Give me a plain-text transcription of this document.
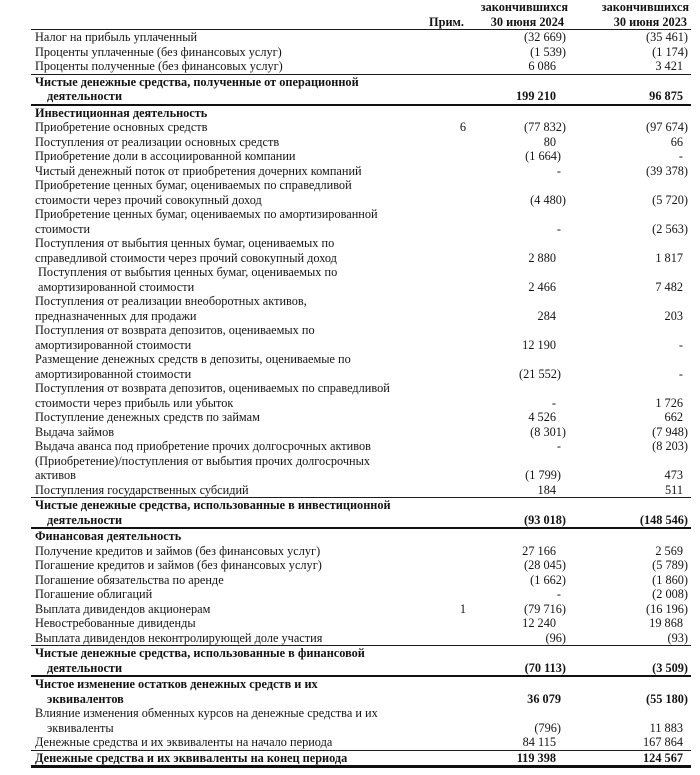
закончившихся	закончившихся
Прим.	30 июня 2024	30 июня 2023
Налог на прибыль уплаченный	(32 669)	(35 461)
Проценты уплаченные (без финансовых услуг)	(1 539)	(1 174)
Проценты полученные (без финансовых услуг)	6 086	3 421
Чистые денежные средства, полученные от операционной
деятельности	199 210	96 875
Инвестиционная деятельность
Приобретение основных средств	6	(77 832)	(97 674)
Поступления от реализации основных средств	80	66
Приобретение доли в ассоциированной компании	(1 664)	-
Чистый денежный поток от приобретения дочерних компаний	-	(39 378)
Приобретение ценных бумаг, оцениваемых по справедливой
стоимости через прочий совокупный доход	(4 480)	(5 720)
Приобретение ценных бумаг, оцениваемых по амортизированной
стоимости	-	(2 563)
Поступления от выбытия ценных бумаг, оцениваемых по
справедливой стоимости через прочий совокупный доход	2 880	1 817
Поступления от выбытия ценных бумаг, оцениваемых по
амортизированной стоимости	2 466	7 482
Поступления от реализации внеоборотных активов,
предназначенных для продажи	284	203
Поступления от возврата депозитов, оцениваемых по
амортизированной стоимости	12 190	-
Размещение денежных средств в депозиты, оцениваемые по
амортизированной стоимости	(21 552)	-
Поступления от возврата депозитов, оцениваемых по справедливой
стоимости через прибыль или убыток	-	1 726
Поступление денежных средств по займам	4 526	662
Выдача займов	(8 301)	(7 948)
Выдача аванса под приобретение прочих долгосрочных активов	-	(8 203)
(Приобретение)/поступления от выбытия прочих долгосрочных
активов	(1 799)	473
Поступления государственных субсидий	184	511
Чистые денежные средства, использованные в инвестиционной
деятельности	(93 018)	(148 546)
Финансовая деятельность
Получение кредитов и займов (без финансовых услуг)	27 166	2 569
Погашение кредитов и займов (без финансовых услуг)	(28 045)	(5 789)
Погашение обязательства по аренде	(1 662)	(1 860)
Погашение облигаций	-	(2 008)
Выплата дивидендов акционерам	1	(79 716)	(16 196)
Невостребованные дивиденды	12 240	19 868
Выплата дивидендов неконтролирующей доле участия	(96)	(93)
Чистые денежные средства, использованные в финансовой
деятельности	(70 113)	(3 509)
Чистое изменение остатков денежных средств и их
эквивалентов	36 079	(55 180)
Влияние изменения обменных курсов на денежные средства и их
эквиваленты	(796)	11 883
Денежные средства и их эквиваленты на начало периода	84 115	167 864
Денежные средства и их эквиваленты на конец периода	119 398	124 567
